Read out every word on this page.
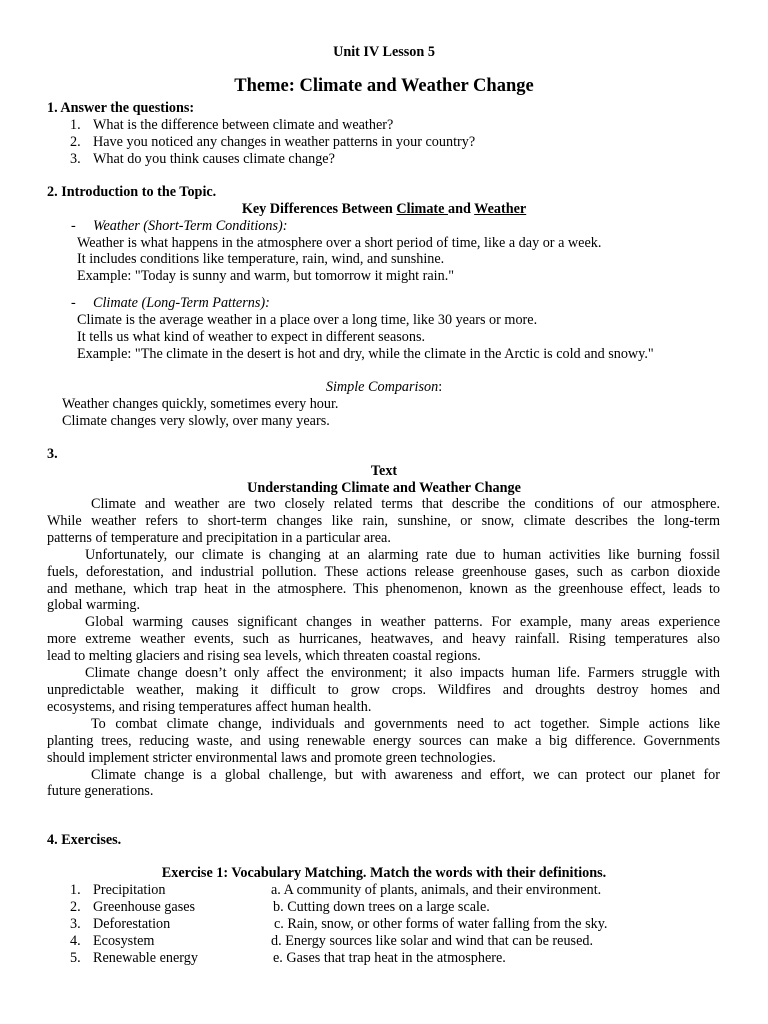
Unit IV Lesson 5
Theme: Climate and Weather Change
1. Answer the questions:
1. What is the difference between climate and weather?
2. Have you noticed any changes in weather patterns in your country?
3. What do you think causes climate change?
2. Introduction to the Topic.
Key Differences Between Climate and Weather
- Weather (Short-Term Conditions):
Weather is what happens in the atmosphere over a short period of time, like a day or a week.
It includes conditions like temperature, rain, wind, and sunshine.
Example: "Today is sunny and warm, but tomorrow it might rain."
- Climate (Long-Term Patterns):
Climate is the average weather in a place over a long time, like 30 years or more.
It tells us what kind of weather to expect in different seasons.
Example: "The climate in the desert is hot and dry, while the climate in the Arctic is cold and snowy."
Simple Comparison:
Weather changes quickly, sometimes every hour.
Climate changes very slowly, over many years.
3.
Text
Understanding Climate and Weather Change
Climate and weather are two closely related terms that describe the conditions of our atmosphere.
While weather refers to short-term changes like rain, sunshine, or snow, climate describes the long-term
patterns of temperature and precipitation in a particular area.
Unfortunately, our climate is changing at an alarming rate due to human activities like burning fossil
fuels, deforestation, and industrial pollution. These actions release greenhouse gases, such as carbon dioxide
and methane, which trap heat in the atmosphere. This phenomenon, known as the greenhouse effect, leads to
global warming.
Global warming causes significant changes in weather patterns. For example, many areas experience
more extreme weather events, such as hurricanes, heatwaves, and heavy rainfall. Rising temperatures also
lead to melting glaciers and rising sea levels, which threaten coastal regions.
Climate change doesn’t only affect the environment; it also impacts human life. Farmers struggle with
unpredictable weather, making it difficult to grow crops. Wildfires and droughts destroy homes and
ecosystems, and rising temperatures affect human health.
To combat climate change, individuals and governments need to act together. Simple actions like
planting trees, reducing waste, and using renewable energy sources can make a big difference. Governments
should implement stricter environmental laws and promote green technologies.
Climate change is a global challenge, but with awareness and effort, we can protect our planet for
future generations.
4. Exercises.
Exercise 1: Vocabulary Matching. Match the words with their definitions.
1. Precipitation	a. A community of plants, animals, and their environment.
2. Greenhouse gases	b. Cutting down trees on a large scale.
3. Deforestation	c. Rain, snow, or other forms of water falling from the sky.
4. Ecosystem	d. Energy sources like solar and wind that can be reused.
5. Renewable energy	e. Gases that trap heat in the atmosphere.
